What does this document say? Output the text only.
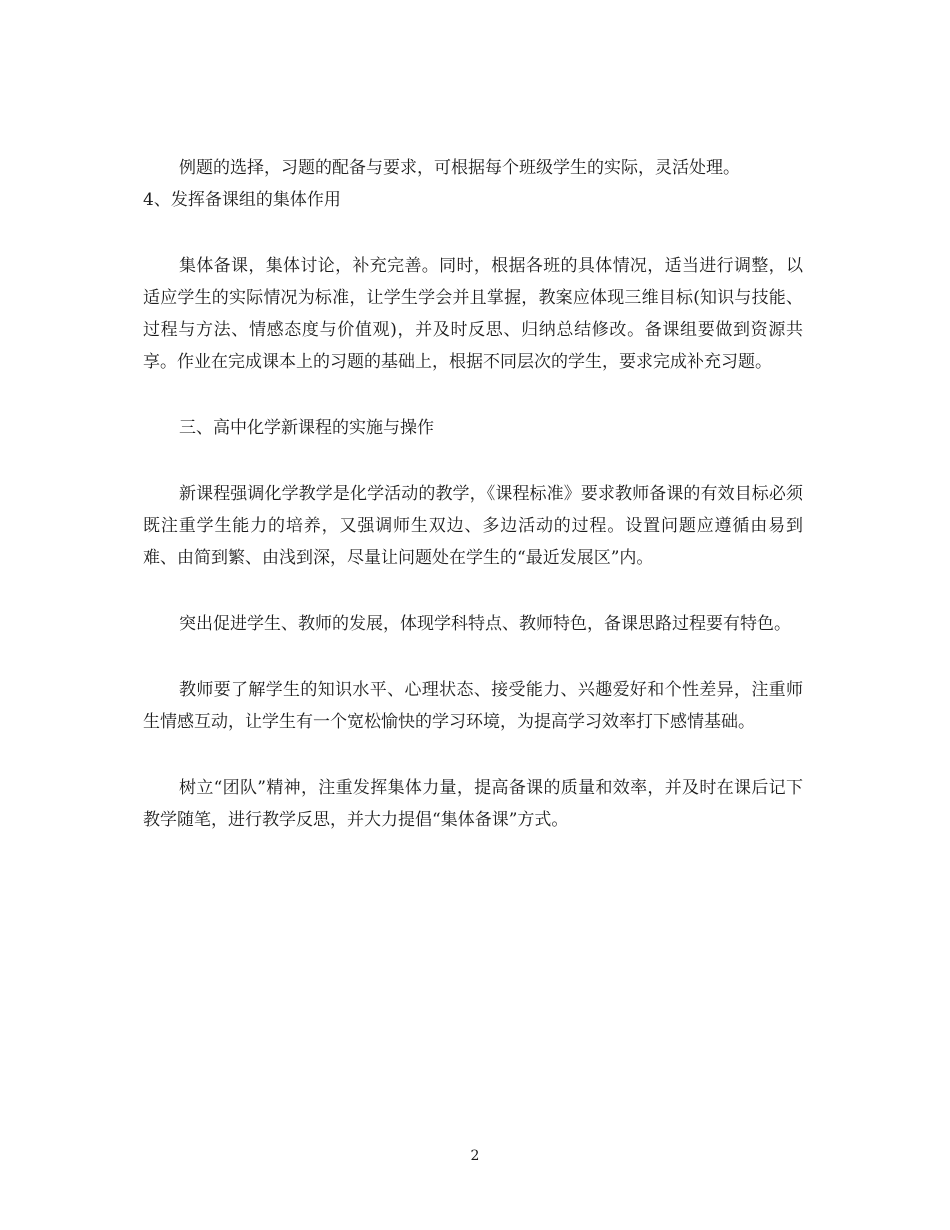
例题的选择，习题的配备与要求，可根据每个班级学生的实际，灵活处理。

4、发挥备课组的集体作用

集体备课，集体讨论，补充完善。同时，根据各班的具体情况，适当进行调整，以适应学生的实际情况为标准，让学生学会并且掌握，教案应体现三维目标(知识与技能、过程与方法、情感态度与价值观)，并及时反思、归纳总结修改。备课组要做到资源共享。作业在完成课本上的习题的基础上，根据不同层次的学生，要求完成补充习题。

三、高中化学新课程的实施与操作

新课程强调化学教学是化学活动的教学，《课程标准》要求教师备课的有效目标必须既注重学生能力的培养，又强调师生双边、多边活动的过程。设置问题应遵循由易到难、由简到繁、由浅到深，尽量让问题处在学生的“最近发展区”内。

突出促进学生、教师的发展，体现学科特点、教师特色，备课思路过程要有特色。

教师要了解学生的知识水平、心理状态、接受能力、兴趣爱好和个性差异，注重师生情感互动，让学生有一个宽松愉快的学习环境，为提高学习效率打下感情基础。

树立“团队”精神，注重发挥集体力量，提高备课的质量和效率，并及时在课后记下教学随笔，进行教学反思，并大力提倡“集体备课”方式。

2
